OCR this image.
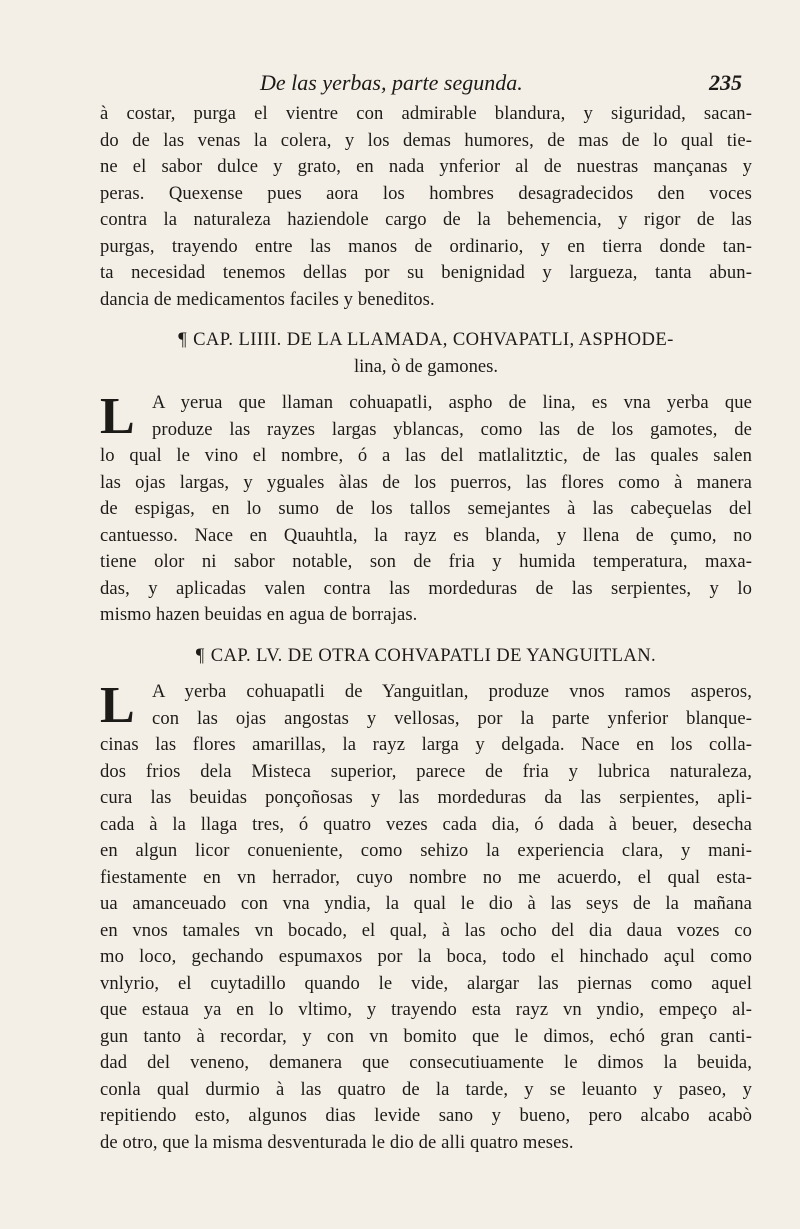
De las yerbas, parte segunda.	235
à costar, purga el vientre con admirable blandura, y siguridad, sacan-
do de las venas la colera, y los demas humores, de mas de lo qual tie-
ne el sabor dulce y grato, en nada ynferior al de nuestras mançanas y
peras. Quexense pues aora los hombres desagradecidos den voces
contra la naturaleza haziendole cargo de la behemencia, y rigor de las
purgas, trayendo entre las manos de ordinario, y en tierra donde tan-
ta necesidad tenemos dellas por su benignidad y largueza, tanta abun-
dancia de medicamentos faciles y beneditos.
¶ CAP. LIIII. DE LA LLAMADA, COHVAPATLI, ASPHODE-
lina, ò de gamones.
L A yerua que llaman cohuapatli, aspho de lina, es vna yerba que
produze las rayzes largas yblancas, como las de los gamotes, de
lo qual le vino el nombre, ó a las del matlalitztic, de las quales salen
las ojas largas, y yguales àlas de los puerros, las flores como à manera
de espigas, en lo sumo de los tallos semejantes à las cabeçuelas del
cantuesso. Nace en Quauhtla, la rayz es blanda, y llena de çumo, no
tiene olor ni sabor notable, son de fria y humida temperatura, maxa-
das, y aplicadas valen contra las mordeduras de las serpientes, y lo
mismo hazen beuidas en agua de borrajas.
¶ CAP. LV. DE OTRA COHVAPATLI DE YANGUITLAN.
L A yerba cohuapatli de Yanguitlan, produze vnos ramos asperos,
con las ojas angostas y vellosas, por la parte ynferior blanque-
cinas las flores amarillas, la rayz larga y delgada. Nace en los colla-
dos frios dela Misteca superior, parece de fria y lubrica naturaleza,
cura las beuidas ponçoñosas y las mordeduras da las serpientes, apli-
cada à la llaga tres, ó quatro vezes cada dia, ó dada à beuer, desecha
en algun licor conueniente, como sehizo la experiencia clara, y mani-
fiestamente en vn herrador, cuyo nombre no me acuerdo, el qual esta-
ua amanceuado con vna yndia, la qual le dio à las seys de la mañana
en vnos tamales vn bocado, el qual, à las ocho del dia daua vozes co
mo loco, gechando espumaxos por la boca, todo el hinchado açul como
vnlyrio, el cuytadillo quando le vide, alargar las piernas como aquel
que estaua ya en lo vltimo, y trayendo esta rayz vn yndio, empeço al-
gun tanto à recordar, y con vn bomito que le dimos, echó gran canti-
dad del veneno, demanera que consecutiuamente le dimos la beuida,
conla qual durmio à las quatro de la tarde, y se leuanto y paseo, y
repitiendo esto, algunos dias levide sano y bueno, pero alcabo acabò
de otro, que la misma desventurada le dio de alli quatro meses.
